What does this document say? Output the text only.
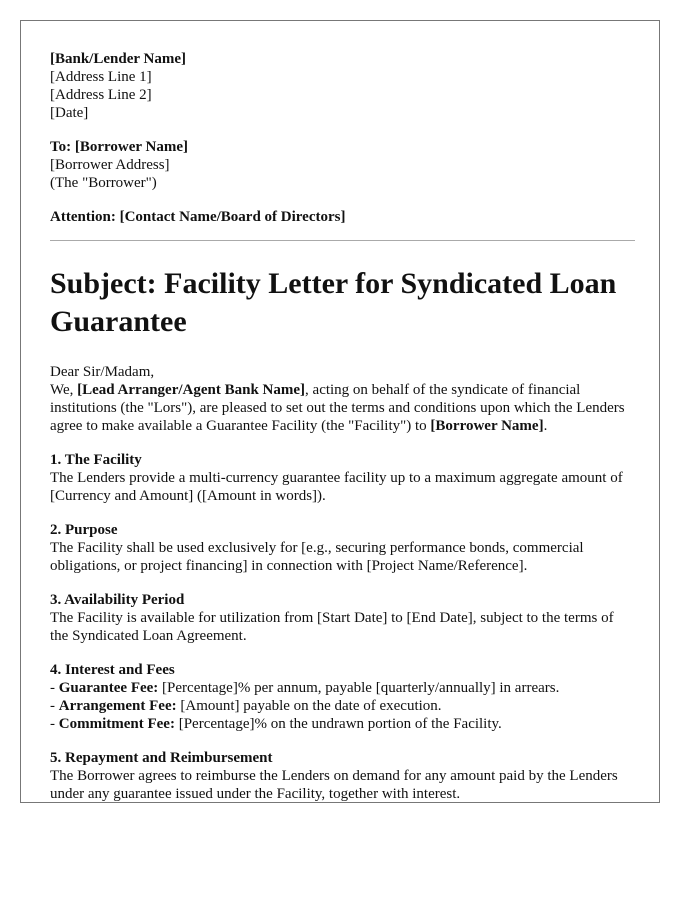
[Bank/Lender Name]
[Address Line 1]
[Address Line 2]
[Date]
To: [Borrower Name]
[Borrower Address]
(The "Borrower")
Attention: [Contact Name/Board of Directors]
Subject: Facility Letter for Syndicated Loan Guarantee

Dear Sir/Madam,

We, [Lead Arranger/Agent Bank Name], acting on behalf of the syndicate of financial institutions (the "Lors"), are pleased to set out the terms and conditions upon which the Lenders agree to make available a Guarantee Facility (the "Facility") to [Borrower Name].

1. The Facility

The Lenders provide a multi-currency guarantee facility up to a maximum aggregate amount of [Currency and Amount] ([Amount in words]).

2. Purpose

The Facility shall be used exclusively for [e.g., securing performance bonds, commercial obligations, or project financing] in connection with [Project Name/Reference].

3. Availability Period

The Facility is available for utilization from [Start Date] to [End Date], subject to the terms of the Syndicated Loan Agreement.

4. Interest and Fees
- Guarantee Fee: [Percentage]% per annum, payable [quarterly/annually] in arrears.
- Arrangement Fee: [Amount] payable on the date of execution.
- Commitment Fee: [Percentage]% on the undrawn portion of the Facility.
5. Repayment and Reimbursement

The Borrower agrees to reimburse the Lenders on demand for any amount paid by the Lenders under any guarantee issued under the Facility, together with interest.
